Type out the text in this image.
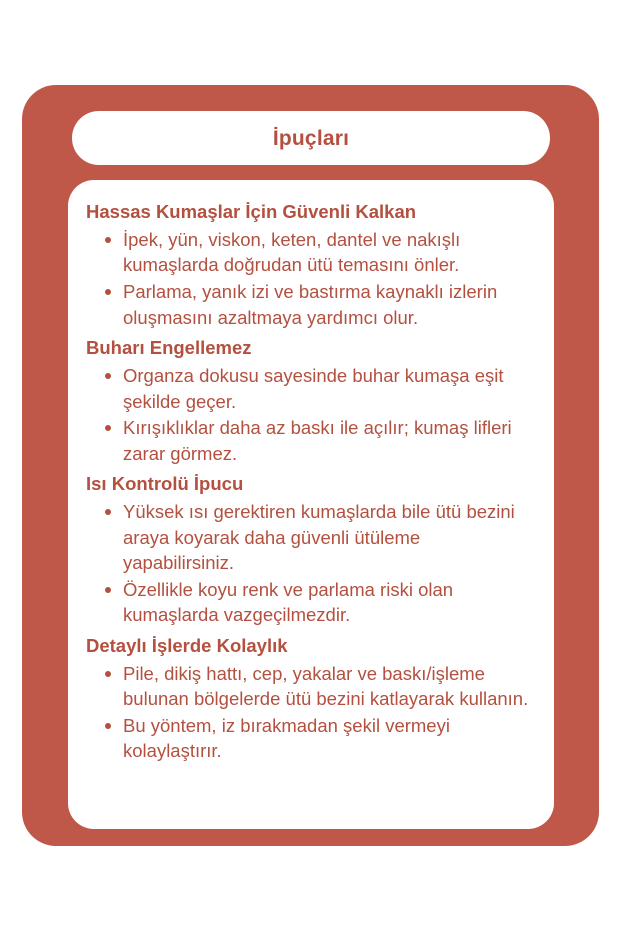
İpuçları
Hassas Kumaşlar İçin Güvenli Kalkan
İpek, yün, viskon, keten, dantel ve nakışlı kumaşlarda doğrudan ütü temasını önler.
Parlama, yanık izi ve bastırma kaynaklı izlerin oluşmasını azaltmaya yardımcı olur.
Buharı Engellemez
Organza dokusu sayesinde buhar kumaşa eşit şekilde geçer.
Kırışıklıklar daha az baskı ile açılır; kumaş lifleri zarar görmez.
Isı Kontrolü İpucu
Yüksek ısı gerektiren kumaşlarda bile ütü bezini araya koyarak daha güvenli ütüleme yapabilirsiniz.
Özellikle koyu renk ve parlama riski olan kumaşlarda vazgeçilmezdir.
Detaylı İşlerde Kolaylık
Pile, dikiş hattı, cep, yakalar ve baskı/işleme bulunan bölgelerde ütü bezini katlayarak kullanın.
Bu yöntem, iz bırakmadan şekil vermeyi kolaylaştırır.
